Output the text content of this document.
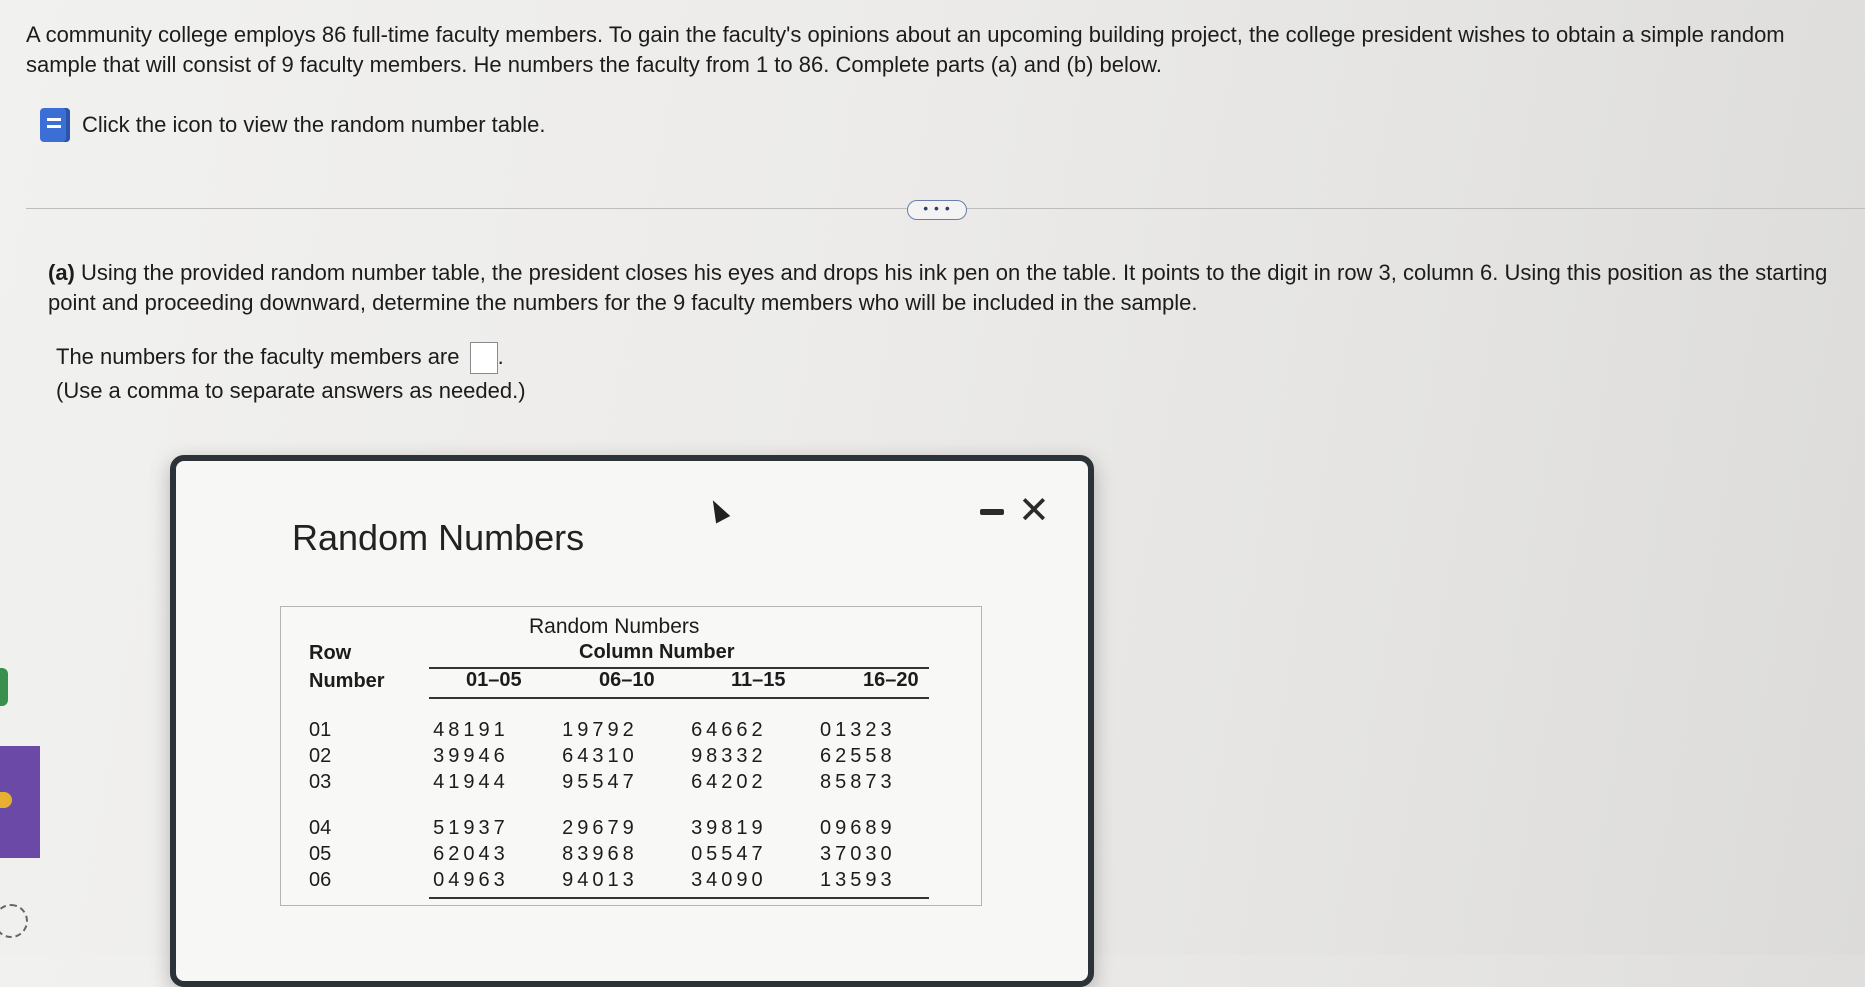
A community college employs 86 full-time faculty members. To gain the faculty's opinions about an upcoming building project, the college president wishes to obtain a simple random sample that will consist of 9 faculty members. He numbers the faculty from 1 to 86. Complete parts (a) and (b) below.
Click the icon to view the random number table.
• • •
(a) Using the provided random number table, the president closes his eyes and drops his ink pen on the table. It points to the digit in row 3, column 6. Using this position as the starting point and proceeding downward, determine the numbers for the 9 faculty members who will be included in the sample.
The numbers for the faculty members are .
(Use a comma to separate answers as needed.)
Random Numbers
✕
Random Numbers
Row
Number
Column Number
01–05	06–10	11–15	16–20
01	48191	19792	64662	01323
02	39946	64310	98332	62558
03	41944	95547	64202	85873
04	51937	29679	39819	09689
05	62043	83968	05547	37030
06	04963	94013	34090	13593
